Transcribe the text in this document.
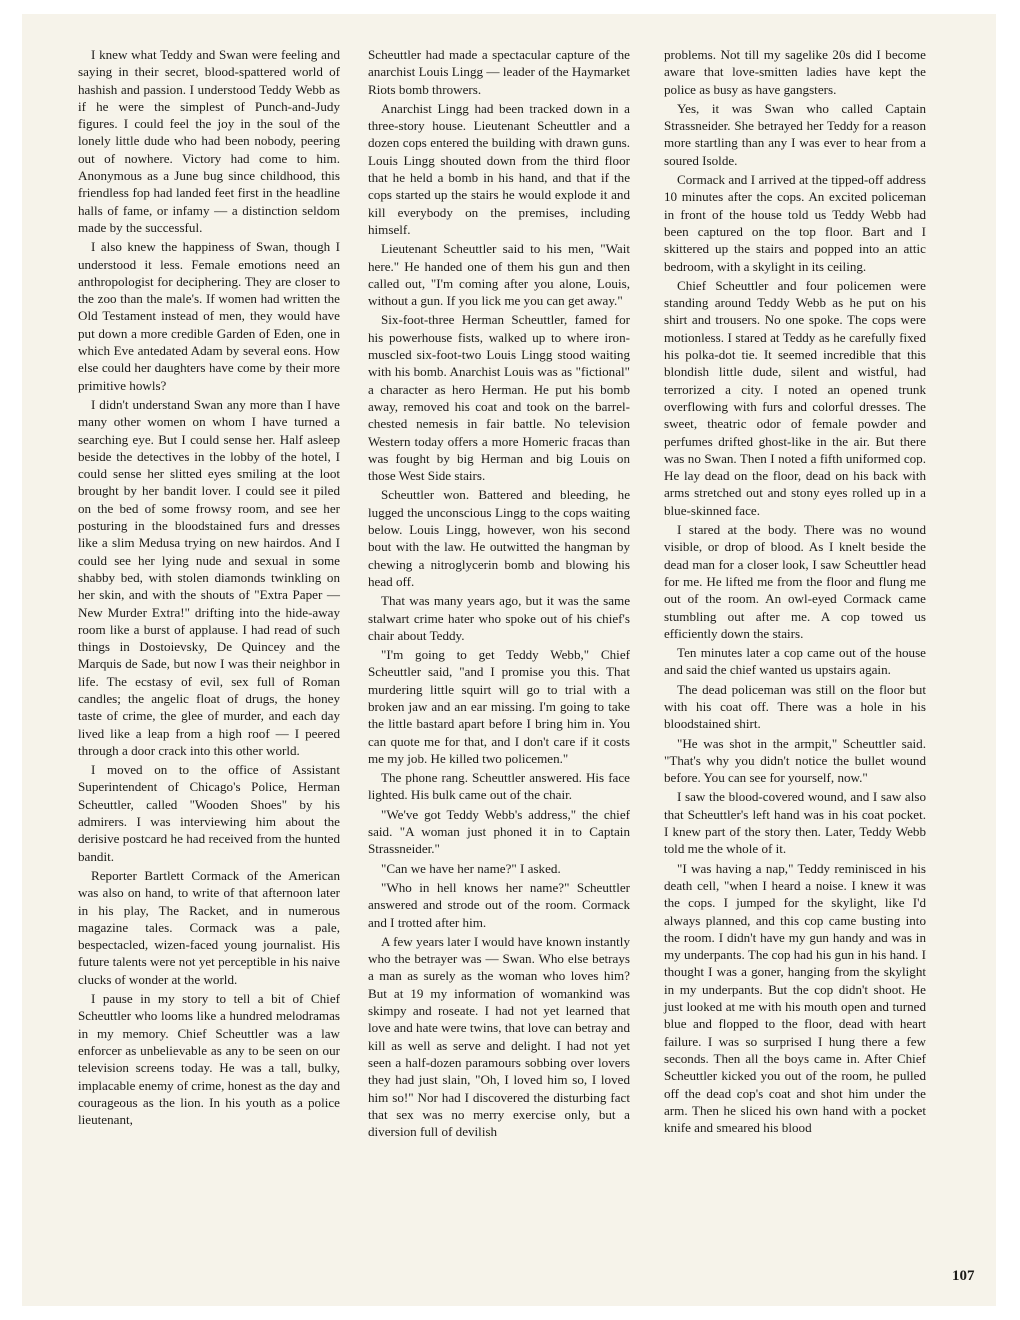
I knew what Teddy and Swan were feeling and saying in their secret, blood-spattered world of hashish and passion. I understood Teddy Webb as if he were the simplest of Punch-and-Judy figures. I could feel the joy in the soul of the lonely little dude who had been nobody, peering out of nowhere. Victory had come to him. Anonymous as a June bug since childhood, this friendless fop had landed feet first in the headline halls of fame, or infamy — a distinction seldom made by the successful.

I also knew the happiness of Swan, though I understood it less. Female emotions need an anthropologist for deciphering. They are closer to the zoo than the male's. If women had written the Old Testament instead of men, they would have put down a more credible Garden of Eden, one in which Eve antedated Adam by several eons. How else could her daughters have come by their more primitive howls?

I didn't understand Swan any more than I have many other women on whom I have turned a searching eye. But I could sense her. Half asleep beside the detectives in the lobby of the hotel, I could sense her slitted eyes smiling at the loot brought by her bandit lover. I could see it piled on the bed of some frowsy room, and see her posturing in the bloodstained furs and dresses like a slim Medusa trying on new hairdos. And I could see her lying nude and sexual in some shabby bed, with stolen diamonds twinkling on her skin, and with the shouts of "Extra Paper — New Murder Extra!" drifting into the hide-away room like a burst of applause. I had read of such things in Dostoievsky, De Quincey and the Marquis de Sade, but now I was their neighbor in life. The ecstasy of evil, sex full of Roman candles; the angelic float of drugs, the honey taste of crime, the glee of murder, and each day lived like a leap from a high roof — I peered through a door crack into this other world.

I moved on to the office of Assistant Superintendent of Chicago's Police, Herman Scheuttler, called "Wooden Shoes" by his admirers. I was interviewing him about the derisive postcard he had received from the hunted bandit.

Reporter Bartlett Cormack of the American was also on hand, to write of that afternoon later in his play, The Racket, and in numerous magazine tales. Cormack was a pale, bespectacled, wizen-faced young journalist. His future talents were not yet perceptible in his naive clucks of wonder at the world.

I pause in my story to tell a bit of Chief Scheuttler who looms like a hundred melodramas in my memory. Chief Scheuttler was a law enforcer as unbelievable as any to be seen on our television screens today. He was a tall, bulky, implacable enemy of crime, honest as the day and courageous as the lion. In his youth as a police lieutenant,

Scheuttler had made a spectacular capture of the anarchist Louis Lingg — leader of the Haymarket Riots bomb throwers.

Anarchist Lingg had been tracked down in a three-story house. Lieutenant Scheuttler and a dozen cops entered the building with drawn guns. Louis Lingg shouted down from the third floor that he held a bomb in his hand, and that if the cops started up the stairs he would explode it and kill everybody on the premises, including himself.

Lieutenant Scheuttler said to his men, "Wait here." He handed one of them his gun and then called out, "I'm coming after you alone, Louis, without a gun. If you lick me you can get away."

Six-foot-three Herman Scheuttler, famed for his powerhouse fists, walked up to where iron-muscled six-foot-two Louis Lingg stood waiting with his bomb. Anarchist Louis was as "fictional" a character as hero Herman. He put his bomb away, removed his coat and took on the barrel-chested nemesis in fair battle. No television Western today offers a more Homeric fracas than was fought by big Herman and big Louis on those West Side stairs.

Scheuttler won. Battered and bleeding, he lugged the unconscious Lingg to the cops waiting below. Louis Lingg, however, won his second bout with the law. He outwitted the hangman by chewing a nitroglycerin bomb and blowing his head off.

That was many years ago, but it was the same stalwart crime hater who spoke out of his chief's chair about Teddy.

"I'm going to get Teddy Webb," Chief Scheuttler said, "and I promise you this. That murdering little squirt will go to trial with a broken jaw and an ear missing. I'm going to take the little bastard apart before I bring him in. You can quote me for that, and I don't care if it costs me my job. He killed two policemen."

The phone rang. Scheuttler answered. His face lighted. His bulk came out of the chair.

"We've got Teddy Webb's address," the chief said. "A woman just phoned it in to Captain Strassneider."

"Can we have her name?" I asked.

"Who in hell knows her name?" Scheuttler answered and strode out of the room. Cormack and I trotted after him.

A few years later I would have known instantly who the betrayer was — Swan. Who else betrays a man as surely as the woman who loves him? But at 19 my information of womankind was skimpy and roseate. I had not yet learned that love and hate were twins, that love can betray and kill as well as serve and delight. I had not yet seen a half-dozen paramours sobbing over lovers they had just slain, "Oh, I loved him so, I loved him so!" Nor had I discovered the disturbing fact that sex was no merry exercise only, but a diversion full of devilish

problems. Not till my sagelike 20s did I become aware that love-smitten ladies have kept the police as busy as have gangsters.

Yes, it was Swan who called Captain Strassneider. She betrayed her Teddy for a reason more startling than any I was ever to hear from a soured Isolde.

Cormack and I arrived at the tipped-off address 10 minutes after the cops. An excited policeman in front of the house told us Teddy Webb had been captured on the top floor. Bart and I skittered up the stairs and popped into an attic bedroom, with a skylight in its ceiling.

Chief Scheuttler and four policemen were standing around Teddy Webb as he put on his shirt and trousers. No one spoke. The cops were motionless. I stared at Teddy as he carefully fixed his polka-dot tie. It seemed incredible that this blondish little dude, silent and wistful, had terrorized a city. I noted an opened trunk overflowing with furs and colorful dresses. The sweet, theatric odor of female powder and perfumes drifted ghost-like in the air. But there was no Swan. Then I noted a fifth uniformed cop. He lay dead on the floor, dead on his back with arms stretched out and stony eyes rolled up in a blue-skinned face.

I stared at the body. There was no wound visible, or drop of blood. As I knelt beside the dead man for a closer look, I saw Scheuttler head for me. He lifted me from the floor and flung me out of the room. An owl-eyed Cormack came stumbling out after me. A cop towed us efficiently down the stairs.

Ten minutes later a cop came out of the house and said the chief wanted us upstairs again.

The dead policeman was still on the floor but with his coat off. There was a hole in his bloodstained shirt.

"He was shot in the armpit," Scheuttler said. "That's why you didn't notice the bullet wound before. You can see for yourself, now."

I saw the blood-covered wound, and I saw also that Scheuttler's left hand was in his coat pocket. I knew part of the story then. Later, Teddy Webb told me the whole of it.

"I was having a nap," Teddy reminisced in his death cell, "when I heard a noise. I knew it was the cops. I jumped for the skylight, like I'd always planned, and this cop came busting into the room. I didn't have my gun handy and was in my underpants. The cop had his gun in his hand. I thought I was a goner, hanging from the skylight in my underpants. But the cop didn't shoot. He just looked at me with his mouth open and turned blue and flopped to the floor, dead with heart failure. I was so surprised I hung there a few seconds. Then all the boys came in. After Chief Scheuttler kicked you out of the room, he pulled off the dead cop's coat and shot him under the arm. Then he sliced his own hand with a pocket knife and smeared his blood

107
